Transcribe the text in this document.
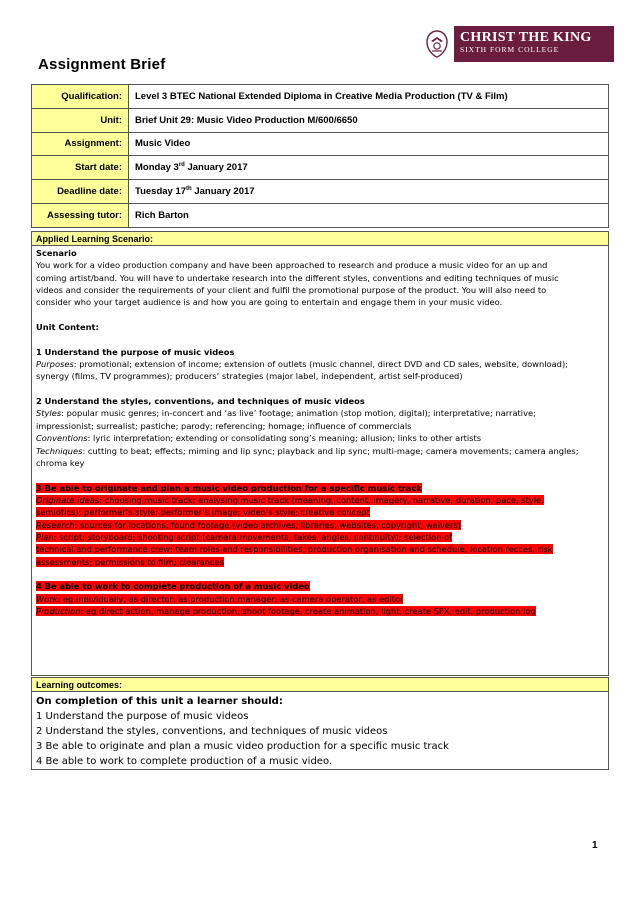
Assignment Brief
CHRIST THE KING
SIXTH FORM COLLEGE
Qualification:	Level 3 BTEC National Extended Diploma in Creative Media Production (TV & Film)
Unit:	Brief Unit 29: Music Video Production M/600/6650
Assignment:	Music Video
Start date:	Monday 3rd January 2017
Deadline date:	Tuesday 17th January 2017
Assessing tutor:	Rich Barton
Applied Learning Scenario:

Scenario

You work for a video production company and have been approached to research and produce a music video for an up and

coming artist/band. You will have to undertake research into the different styles, conventions and editing techniques of music

videos and consider the requirements of your client and fulfil the promotional purpose of the product. You will also need to

consider who your target audience is and how you are going to entertain and engage them in your music video.

Unit Content:

1 Understand the purpose of music videos

Purposes: promotional; extension of income; extension of outlets (music channel, direct DVD and CD sales, website, download);

synergy (films, TV programmes); producers’ strategies (major label, independent, artist self-produced)

2 Understand the styles, conventions, and techniques of music videos

Styles: popular music genres; in-concert and ‘as live’ footage; animation (stop motion, digital); interpretative; narrative;

impressionist; surrealist; pastiche; parody; referencing; homage; influence of commercials

Conventions: lyric interpretation; extending or consolidating song’s meaning; allusion; links to other artists

Techniques: cutting to beat; effects; miming and lip sync; playback and lip sync; multi-mage; camera movements; camera angles;

chroma key

3 Be able to originate and plan a music video production for a specific music track

Originate ideas: choosing music track; analysing music track (meaning, content, imagery, narrative, duration, pace, style,

semiotics); performer’s style; performer’s image; video’s style; creative concept

Research: sources for locations; found footage (video archives, libraries, websites, copyright, waivers)

Plan: script; storyboard; shooting script (camera movements, takes, angles, continuity); selection of

technical and performance crew; team roles and responsibilities, production organisation and schedule, location recces, risk

assessments; permissions to film; clearances

4 Be able to work to complete production of a music video

Work: eg individually, as director, as production manager, as camera operator, as editor

Production: eg direct action, manage production, shoot footage, create animation, light, create SFX, edit, production log

Learning outcomes:

On completion of this unit a learner should:

1 Understand the purpose of music videos

2 Understand the styles, conventions, and techniques of music videos

3 Be able to originate and plan a music video production for a specific music track

4 Be able to work to complete production of a music video.

1
